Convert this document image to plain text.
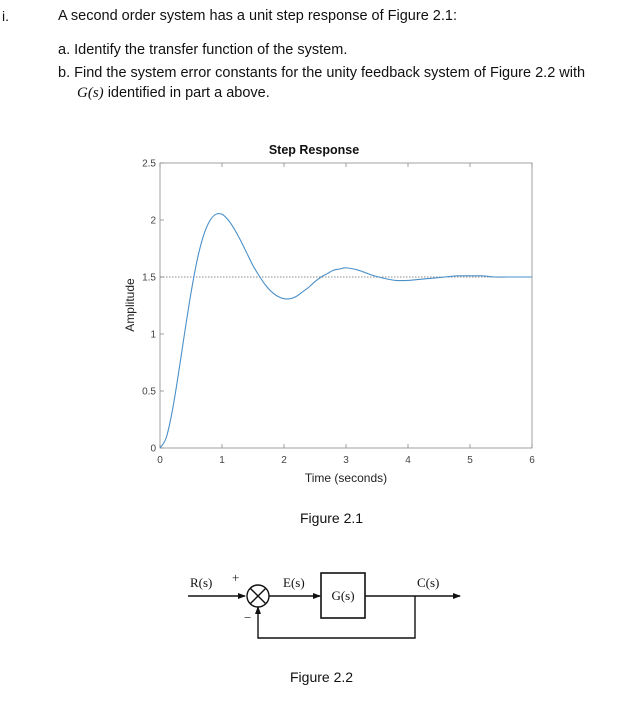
i.	A second order system has a unit step response of Figure 2.1:
a. Identify the transfer function of the system.
b. Find the system error constants for the unity feedback system of Figure 2.2 with
G(s) identified in part a above.
Step Response
0
0.5
1
1.5
2
2.5
0	1	2	3	4	5	6
Time (seconds)
Amplitude
Figure 2.1
R(s) +
−
E(s)
G(s)
C(s)
Figure 2.2
